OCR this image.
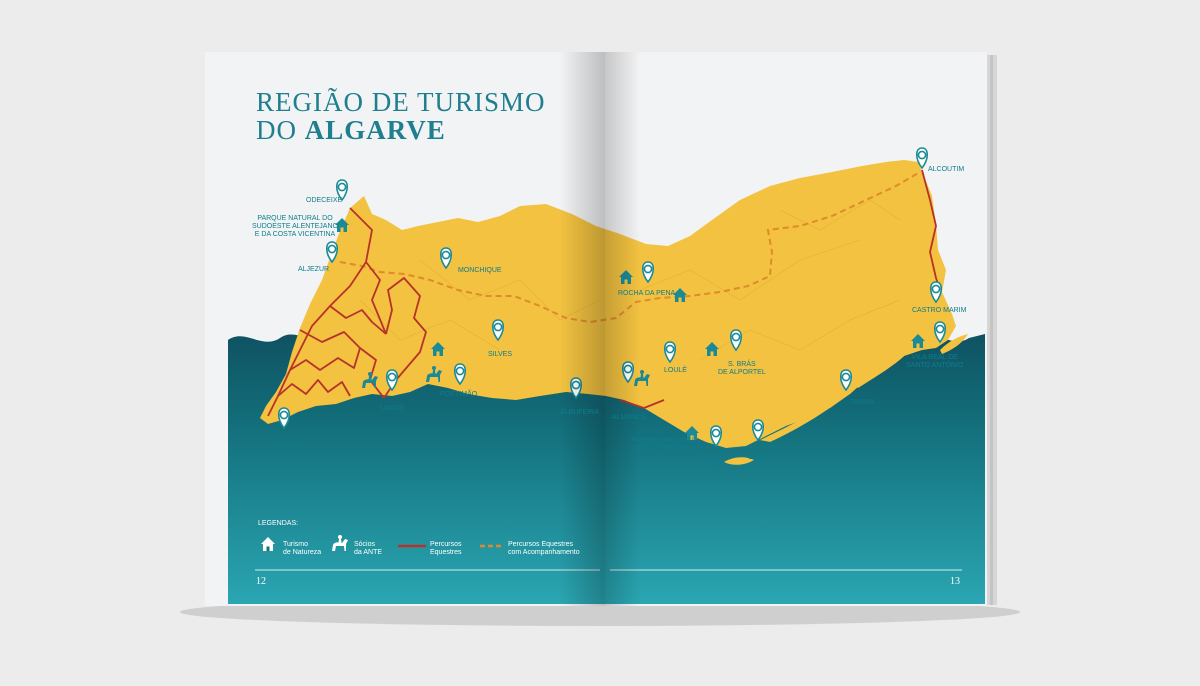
REGIÃO DE TURISMO
DO ALGARVE
ODECEIXE
PARQUE NATURAL DO
SUDOESTE ALENTEJANO
E DA COSTA VICENTINA
ALJEZUR	MONCHIQUE
SILVES
LAGOS
PORTIMÃO
SAGRES
ALBUFEIRA
ALMANCIL
ROCHA DA PENA
LOULÉ
S. BRÁS
DE ALPORTEL
PARQUE NATURAL
DA RIA FORMOSA
FARO
OLHÃO
TAVIRA
VILA REAL DE
SANTO ANTÓNIO
CASTRO MARIM
ALCOUTIM
LEGENDAS:
Turismo
de Natureza
Sócios
da ANTE
Percursos
Equestres
Percursos Equestres
com Acompanhamento
12	13
